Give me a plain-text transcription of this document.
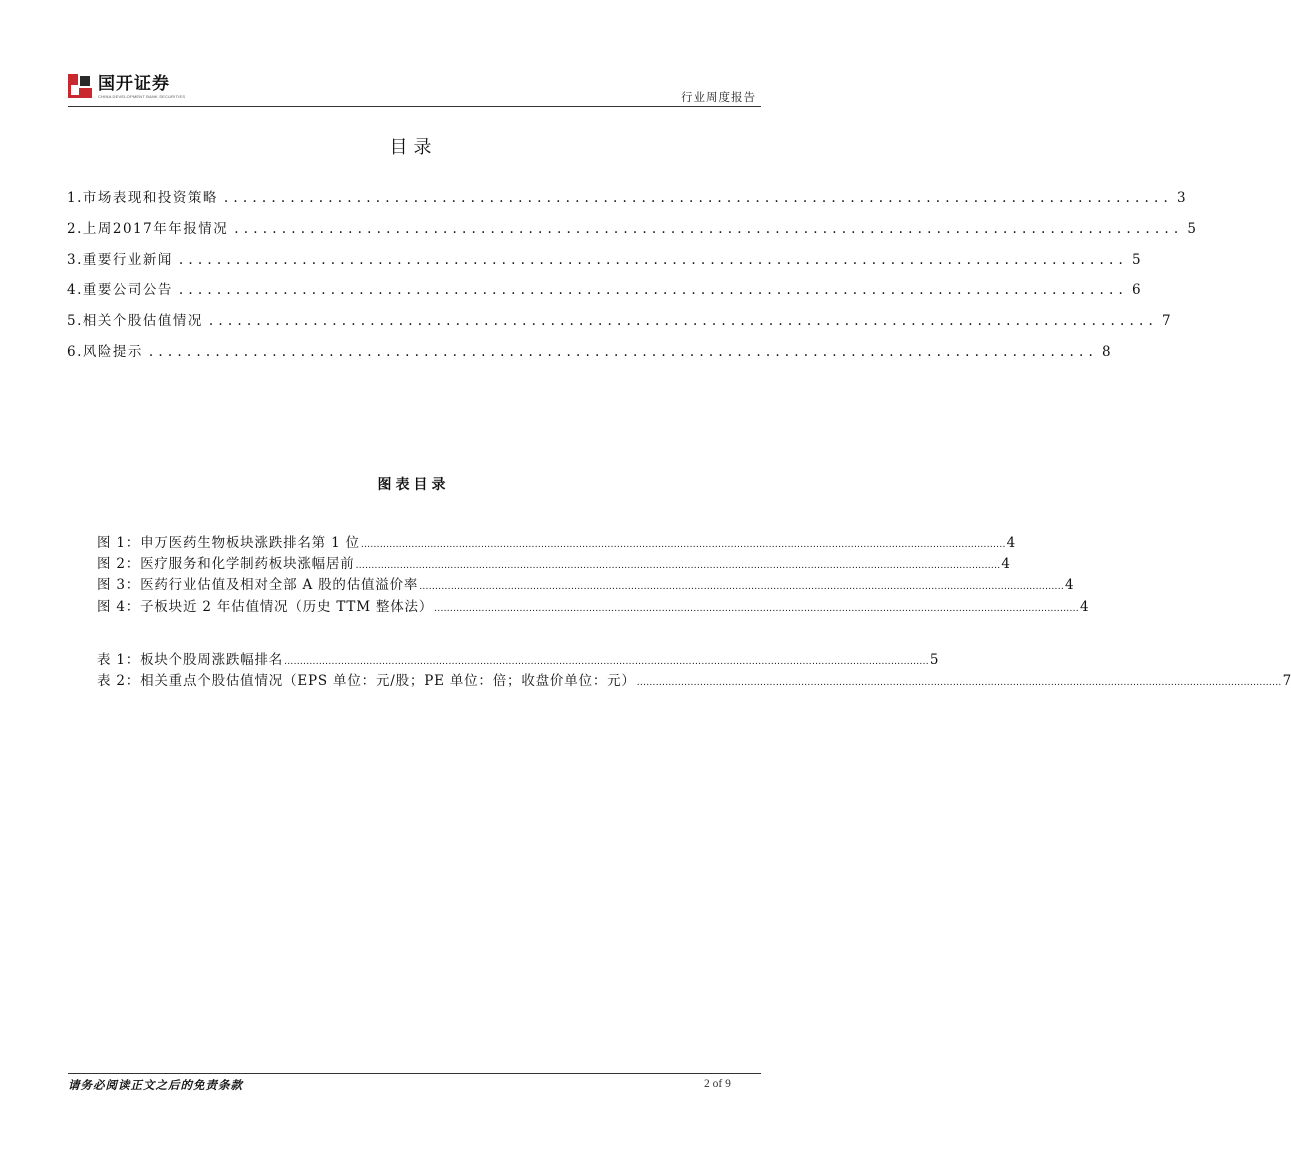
国开证券
CHINA DEVELOPMENT BANK SECURITIES	行业周度报告
目录
1.市场表现和投资策略 .................................................................................................... 3
2.上周2017年年报情况 .................................................................................................... 5
3.重要行业新闻 .................................................................................................... 5
4.重要公司公告 .................................................................................................... 6
5.相关个股估值情况 .................................................................................................... 7
6.风险提示 .................................................................................................... 8
图表目录
图 1：申万医药生物板块涨跌排名第 1 位 ............................................................................................................................................................................................................ 4
图 2：医疗服务和化学制药板块涨幅居前 ............................................................................................................................................................................................................ 4
图 3：医药行业估值及相对全部 A 股的估值溢价率 ............................................................................................................................................................................................................ 4
图 4：子板块近 2 年估值情况（历史 TTM 整体法） ............................................................................................................................................................................................................ 4
表 1：板块个股周涨跌幅排名 ............................................................................................................................................................................................................ 5
表 2：相关重点个股估值情况（EPS 单位：元/股；PE 单位：倍；收盘价单位：元） ............................................................................................................................................................................................................ 7
请务必阅读正文之后的免责条款	2 of 9
